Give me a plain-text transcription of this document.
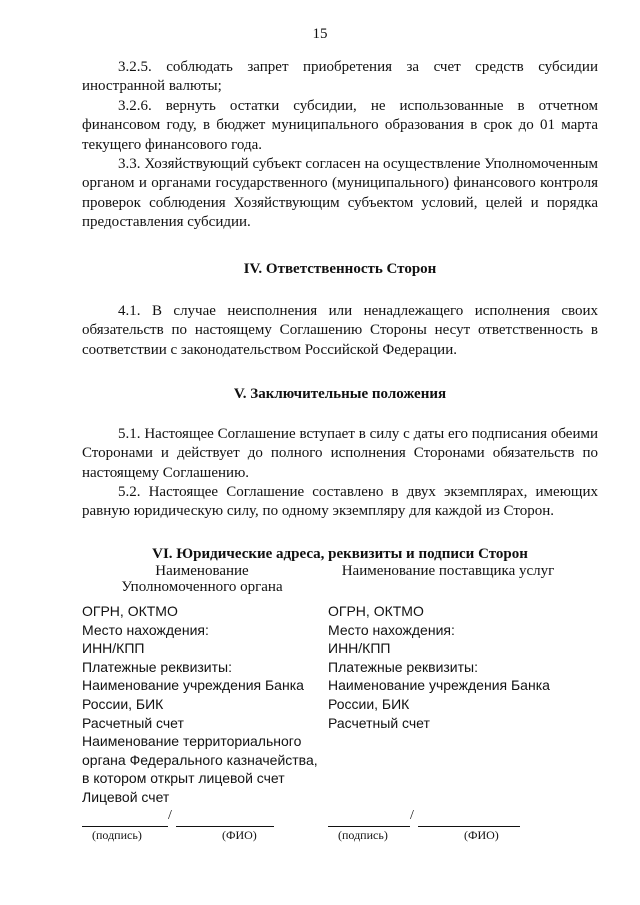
15

3.2.5. соблюдать запрет приобретения за счет средств субсидии иностранной валюты;

3.2.6. вернуть остатки субсидии, не использованные в отчетном финансовом году, в бюджет муниципального образования в срок до 01 марта текущего финансового года.

3.3. Хозяйствующий субъект согласен на осуществление Уполномоченным органом и органами государственного (муниципального) финансового контроля проверок соблюдения Хозяйствующим субъектом условий, целей и порядка предоставления субсидии.

IV. Ответственность Сторон

4.1. В случае неисполнения или ненадлежащего исполнения своих обязательств по настоящему Соглашению Стороны несут ответственность в соответствии с законодательством Российской Федерации.

V. Заключительные положения

5.1. Настоящее Соглашение вступает в силу с даты его подписания обеими Сторонами и действует до полного исполнения Сторонами обязательств по настоящему Соглашению.

5.2. Настоящее Соглашение составлено в двух экземплярах, имеющих равную юридическую силу, по одному экземпляру для каждой из Сторон.

VI. Юридические адреса, реквизиты и подписи Сторон

Наименование
Уполномоченного органа
ОГРН, ОКТМО
Место нахождения:
ИНН/КПП
Платежные реквизиты:
Наименование учреждения Банка
России, БИК
Расчетный счет
Наименование территориального
органа Федерального казначейства,
в котором открыт лицевой счет
Лицевой счет
Наименование поставщика услуг
ОГРН, ОКТМО
Место нахождения:
ИНН/КПП
Платежные реквизиты:
Наименование учреждения Банка
России, БИК
Расчетный счет
/
(подпись)	(ФИО)
/
(подпись)	(ФИО)
